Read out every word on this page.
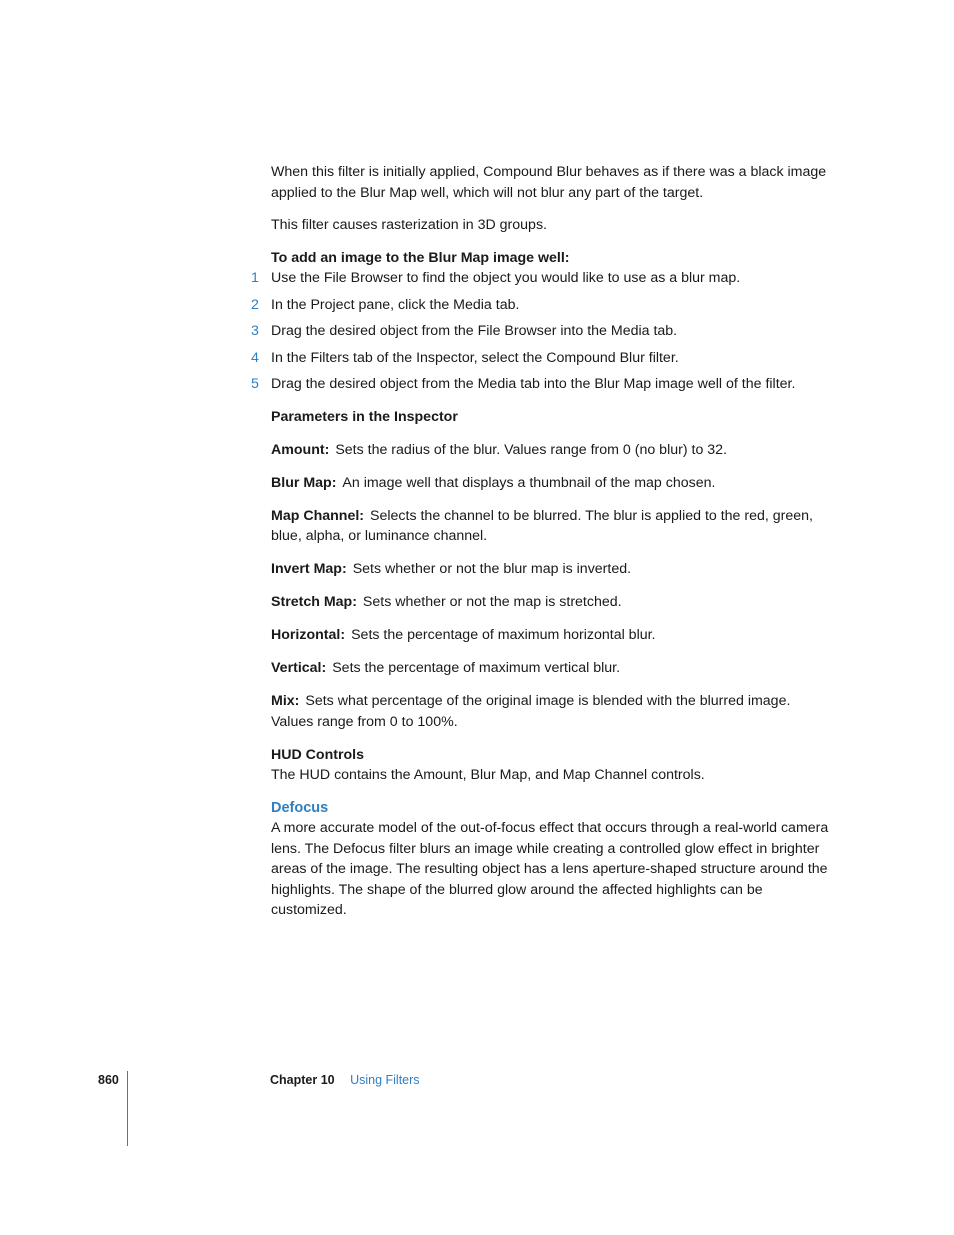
When this filter is initially applied, Compound Blur behaves as if there was a black image applied to the Blur Map well, which will not blur any part of the target.

This filter causes rasterization in 3D groups.

To add an image to the Blur Map image well:
1 Use the File Browser to find the object you would like to use as a blur map.
2 In the Project pane, click the Media tab.
3 Drag the desired object from the File Browser into the Media tab.
4 In the Filters tab of the Inspector, select the Compound Blur filter.
5 Drag the desired object from the Media tab into the Blur Map image well of the filter.

Parameters in the Inspector

Amount: Sets the radius of the blur. Values range from 0 (no blur) to 32.

Blur Map: An image well that displays a thumbnail of the map chosen.

Map Channel: Selects the channel to be blurred. The blur is applied to the red, green, blue, alpha, or luminance channel.

Invert Map: Sets whether or not the blur map is inverted.

Stretch Map: Sets whether or not the map is stretched.

Horizontal: Sets the percentage of maximum horizontal blur.

Vertical: Sets the percentage of maximum vertical blur.

Mix: Sets what percentage of the original image is blended with the blurred image. Values range from 0 to 100%.

HUD Controls

The HUD contains the Amount, Blur Map, and Map Channel controls.

Defocus

A more accurate model of the out-of-focus effect that occurs through a real-world camera lens. The Defocus filter blurs an image while creating a controlled glow effect in brighter areas of the image. The resulting object has a lens aperture-shaped structure around the highlights. The shape of the blurred glow around the affected highlights can be customized.

860	Chapter 10 Using Filters
